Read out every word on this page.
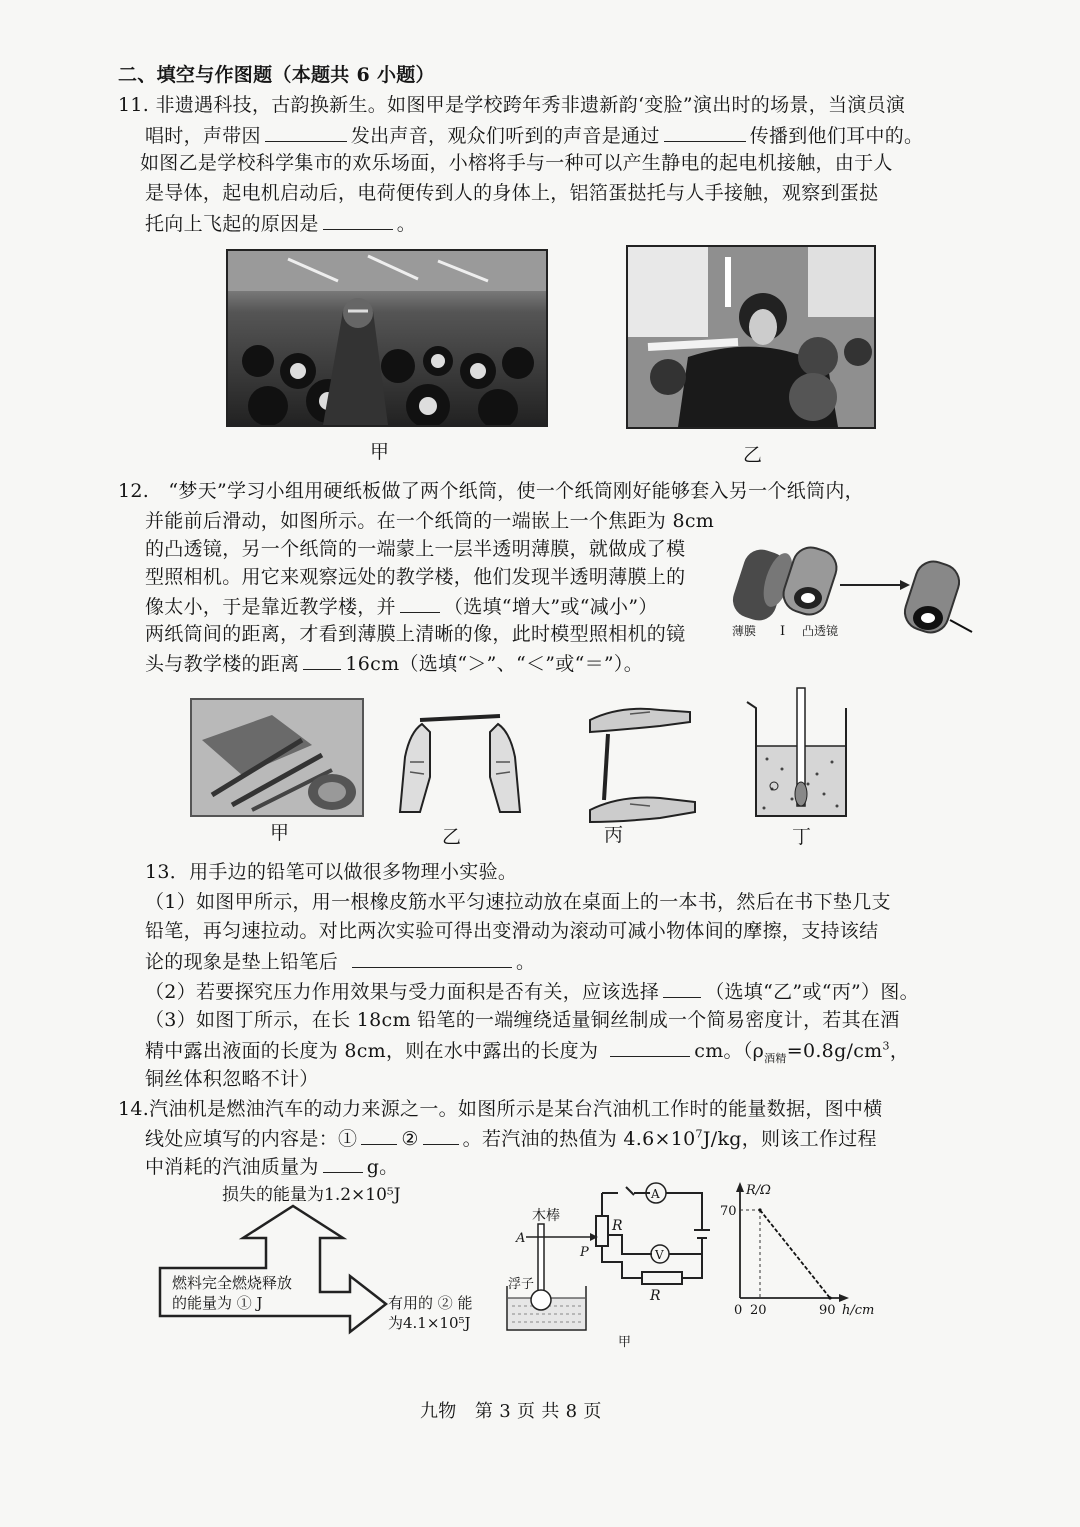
二、填空与作图题（本题共 6 小题）
11. 非遗遇科技，古韵换新生。如图甲是学校跨年秀非遗新韵‘变脸”演出时的场景，当演员演
唱时，声带因	发出声音，观众们听到的声音是通过	传播到他们耳中的。
如图乙是学校科学集市的欢乐场面，小榕将手与一种可以产生静电的起电机接触，由于人
是导体，起电机启动后，电荷便传到人的身体上，铝箔蛋挞托与人手接触，观察到蛋挞
托向上飞起的原因是	。
甲	乙
12.　“梦天”学习小组用硬纸板做了两个纸筒，使一个纸筒刚好能够套入另一个纸筒内，
并能前后滑动，如图所示。在一个纸筒的一端嵌上一个焦距为 8cm
的凸透镜，另一个纸筒的一端蒙上一层半透明薄膜，就做成了模
型照相机。用它来观察远处的教学楼，他们发现半透明薄膜上的
像太小，于是靠近教学楼，并	（选填“增大”或“减小”）
两纸筒间的距离，才看到薄膜上清晰的像，此时模型照相机的镜
头与教学楼的距离 16cm（选填“＞”、“＜”或“＝”）。
薄膜 I 凸透镜
甲	乙	丙	丁
13．用手边的铅笔可以做很多物理小实验。
（1）如图甲所示，用一根橡皮筋水平匀速拉动放在桌面上的一本书，然后在书下垫几支
铅笔，再匀速拉动。对比两次实验可得出变滑动为滚动可减小物体间的摩擦，支持该结
论的现象是垫上铅笔后	。
（2）若要探究压力作用效果与受力面积是否有关，应该选择 （选填“乙”或“丙”）图。
（3）如图丁所示，在长 18cm 铅笔的一端缠绕适量铜丝制成一个简易密度计，若其在酒
精中露出液面的长度为 8cm，则在水中露出的长度为	cm。（$\rho_{酒精}=0.8g/cm^3$，
铜丝体积忽略不计）
14.汽油机是燃油汽车的动力来源之一。如图所示是某台汽油机工作时的能量数据，图中横
线处应填写的内容是：① ② 。若汽油的热值为 $4.6\times 10^7J/kg$，则该工作过程
中消耗的汽油质量为	g。
损失的能量为1.2×10⁵J
燃料完全燃烧释放
的能量为 ① J	有用的 ② 能
为4.1×10⁵J
A
R
R
V
木棒
A
P
浮子
甲
R/Ω
h/cm
70
0 20	90
九物　第 3 页 共 8 页
